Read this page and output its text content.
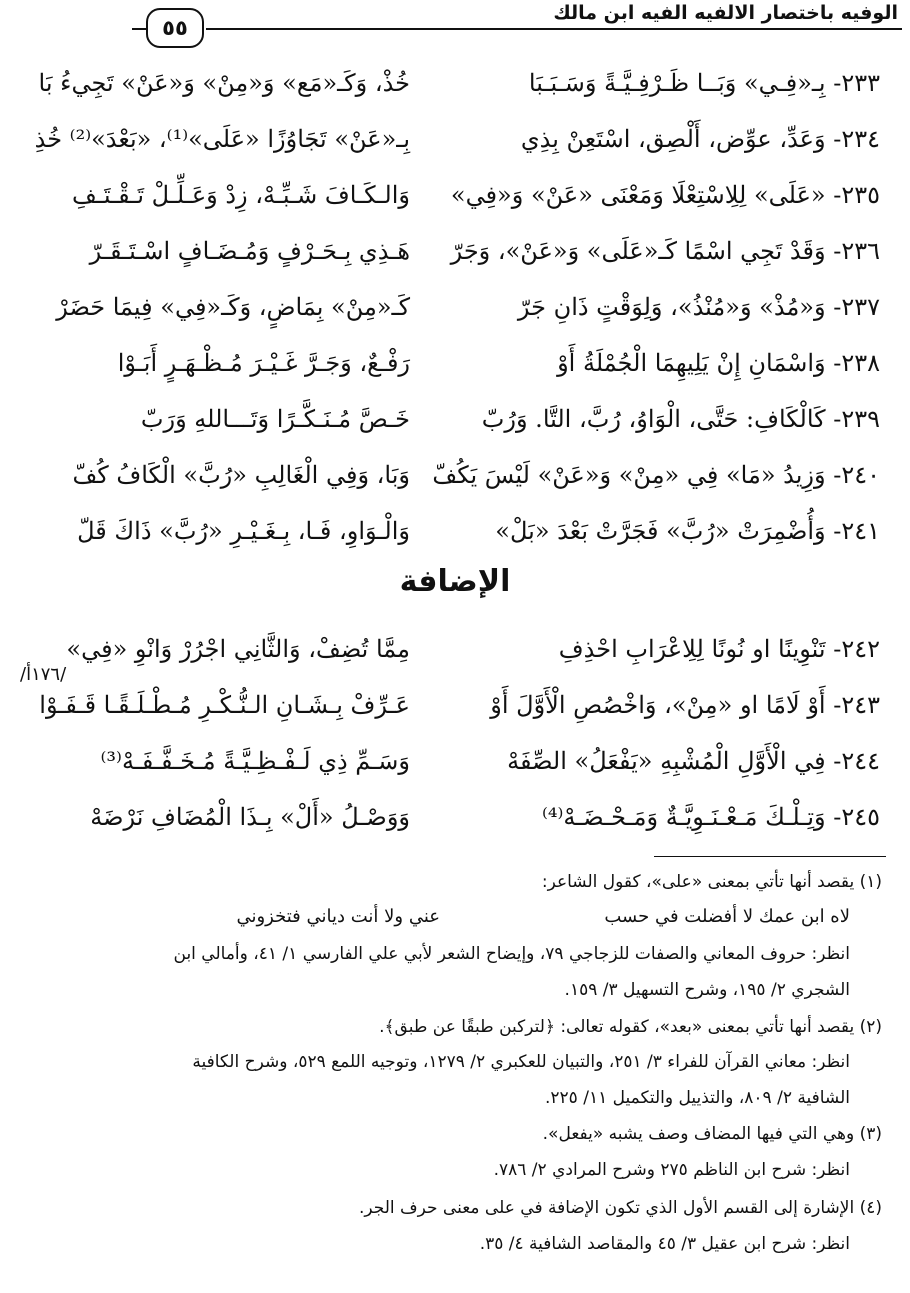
الوفيه باختصار الالفيه الفيه ابن مالك
٥٥
٢٣٣- بِـ«فِـي» وَبَــا ظَـرْفِـيَّـةً وَسَـبَـبَا
خُذْ، وَكَـ«مَع» وَ«مِنْ» وَ«عَنْ» تَجِيءُ بَا
٢٣٤- وَعَدِّ، عوِّض، أَلْصِق، اسْتَعِنْ بِذِي
بِـ«عَنْ» تَجَاوُزًا «عَلَى»⁽¹⁾، «بَعْدَ»⁽²⁾ خُذِ
٢٣٥- «عَلَى» لِلِاسْتِعْلَا وَمَعْنَى «عَنْ» وَ«فِي»
وَالـكَـافَ شَـبِّـهْ، زِدْ وَعَـلِّـلْ تَـقْـتَـفِ
٢٣٦- وَقَدْ تَجِي اسْمًا كَـ«عَلَى» وَ«عَنْ»، وَجَرّ
هَـذِي بِـحَـرْفٍ وَمُـضَـافٍ اسْـتَـقَـرّ
٢٣٧- وَ«مُذْ» وَ«مُنْذُ»، وَلِوَقْتٍ ذَانِ جَرّ
كَـ«مِنْ» بِمَاضٍ، وَكَـ«فِي» فِيمَا حَضَرْ
٢٣٨- وَاسْمَانِ إِنْ يَلِيهِمَا الْجُمْلَةُ أَوْ
رَفْـعٌ، وَجَـرَّ غَـيْـرَ مُـظْـهَـرٍ أَبَـوْا
٢٣٩- كَالْكَافِ: حَتَّى، الْوَاوُ، رُبَّ، التَّا. وَرُبّ
خَـصَّ مُـنَـكَّـرًا وَتَـــاللهِ وَرَبّ
٢٤٠- وَزِيدُ «مَا» فِي «مِنْ» وَ«عَنْ» لَيْسَ يَكُفّ
وَبَا، وَفِي الْغَالِبِ «رُبَّ» الْكَافُ كُفّ
٢٤١- وَأُضْمِرَتْ «رُبَّ» فَجَرَّتْ بَعْدَ «بَلْ»
وَالْـوَاوِ، فَـا، بِـغَـيْـرِ «رُبَّ» ذَاكَ قَلّ
الإضافة
٢٤٢- تَنْوِينًا او نُونًا لِلِاعْرَابِ احْذِفِ
مِمَّا تُضِفْ، وَالثَّانِي اجْرُرْ وَانْوِ «فِي»
٢٤٣- أَوْ لَامًا او «مِنْ»، وَاخْصُصِ الْأَوَّلَ أَوْ
عَـرِّفْ بِـشَـانِ الـنُّـكْـرِ مُـطْـلَـقًـا قَـفَـوْا
٢٤٤- فِي الْأَوَّلِ الْمُشْبِهِ «يَفْعَلُ» الصِّفَهْ
وَسَـمِّ ذِي لَـفْـظِـيَّـةً مُـخَـفَّـفَـهْ⁽³⁾
٢٤٥- وَتِـلْـكَ مَـعْـنَـوِيَّـةٌ وَمَـحْـضَـهْ⁽⁴⁾
وَوَصْـلُ «أَلْ» بِـذَا الْمُضَافِ نَرْضَهْ
/١٧٦أ/
(١) يقصد أنها تأتي بمعنى «على»، كقول الشاعر:
لاه ابن عمك لا أفضلت في حسب
عني ولا أنت دياني فتخزوني
انظر: حروف المعاني والصفات للزجاجي ٧٩، وإيضاح الشعر لأبي علي الفارسي ١/ ٤١، وأمالي ابن
الشجري ٢/ ١٩٥، وشرح التسهيل ٣/ ١٥٩.
(٢) يقصد أنها تأتي بمعنى «بعد»، كقوله تعالى: ﴿لتركبن طبقًا عن طبق﴾.
انظر: معاني القرآن للفراء ٣/ ٢٥١، والتبيان للعكبري ٢/ ١٢٧٩، وتوجيه اللمع ٥٢٩، وشرح الكافية
الشافية ٢/ ٨٠٩، والتذييل والتكميل ١١/ ٢٢٥.
(٣) وهي التي فيها المضاف وصف يشبه «يفعل».
انظر: شرح ابن الناظم ٢٧٥ وشرح المرادي ٢/ ٧٨٦.
(٤) الإشارة إلى القسم الأول الذي تكون الإضافة في على معنى حرف الجر.
انظر: شرح ابن عقيل ٣/ ٤٥ والمقاصد الشافية ٤/ ٣٥.
